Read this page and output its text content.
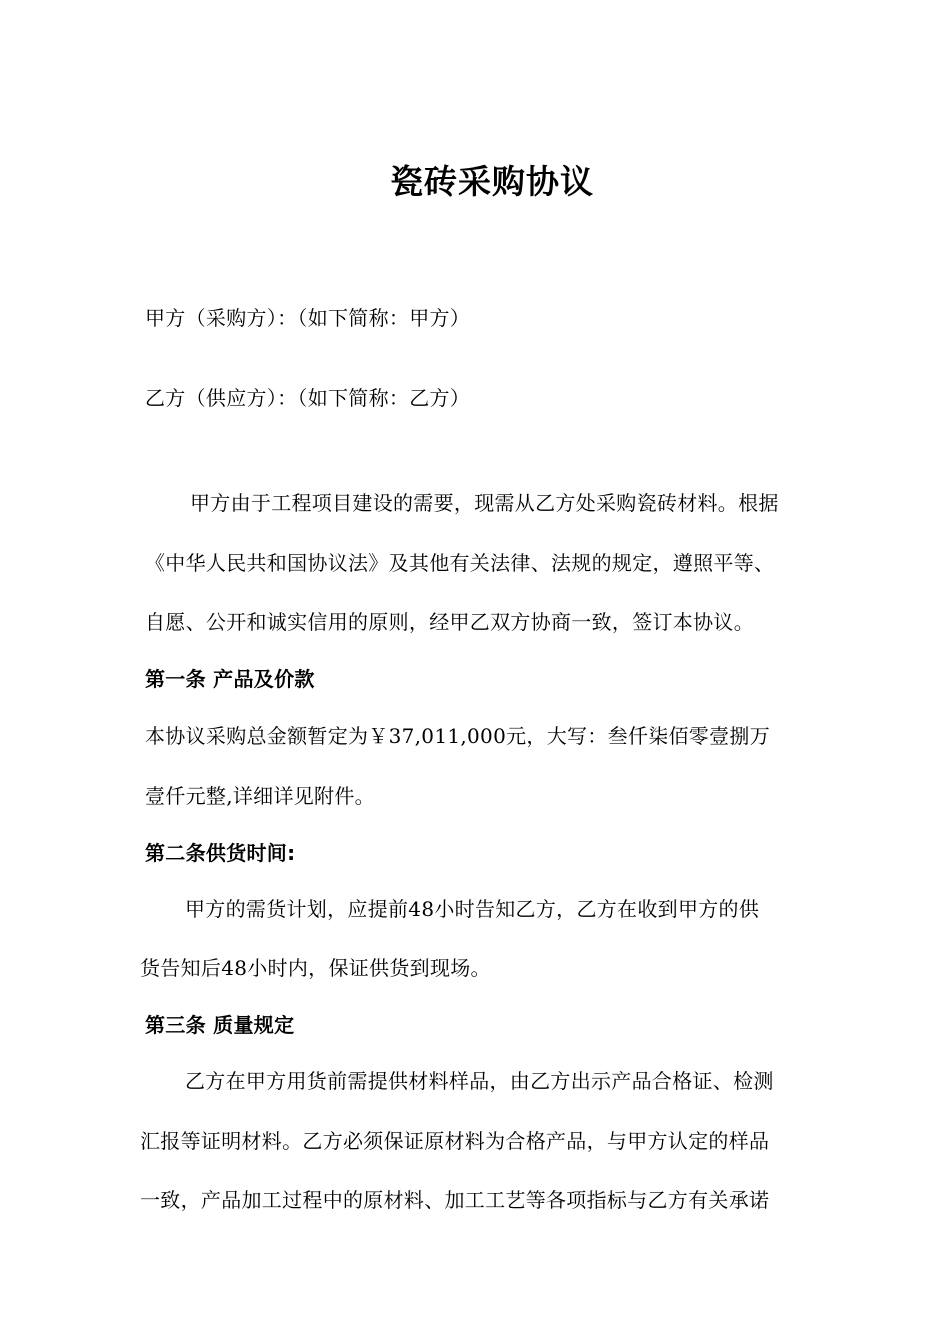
瓷砖采购协议
甲方（采购方）：（如下简称：甲方）
乙方（供应方）：（如下简称：乙方）
甲方由于工程项目建设的需要，现需从乙方处采购瓷砖材料。根据
《中华人民共和国协议法》及其他有关法律、法规的规定，遵照平等、
自愿、公开和诚实信用的原则，经甲乙双方协商一致，签订本协议。
第一条 产品及价款
本协议采购总金额暂定为￥37,011,000元，大写：叁仟柒佰零壹捌万
壹仟元整,详细详见附件。
第二条供货时间:
甲方的需货计划，应提前48小时告知乙方，乙方在收到甲方的供
货告知后48小时内，保证供货到现场。
第三条 质量规定
乙方在甲方用货前需提供材料样品，由乙方出示产品合格证、检测
汇报等证明材料。乙方必须保证原材料为合格产品，与甲方认定的样品
一致，产品加工过程中的原材料、加工工艺等各项指标与乙方有关承诺
